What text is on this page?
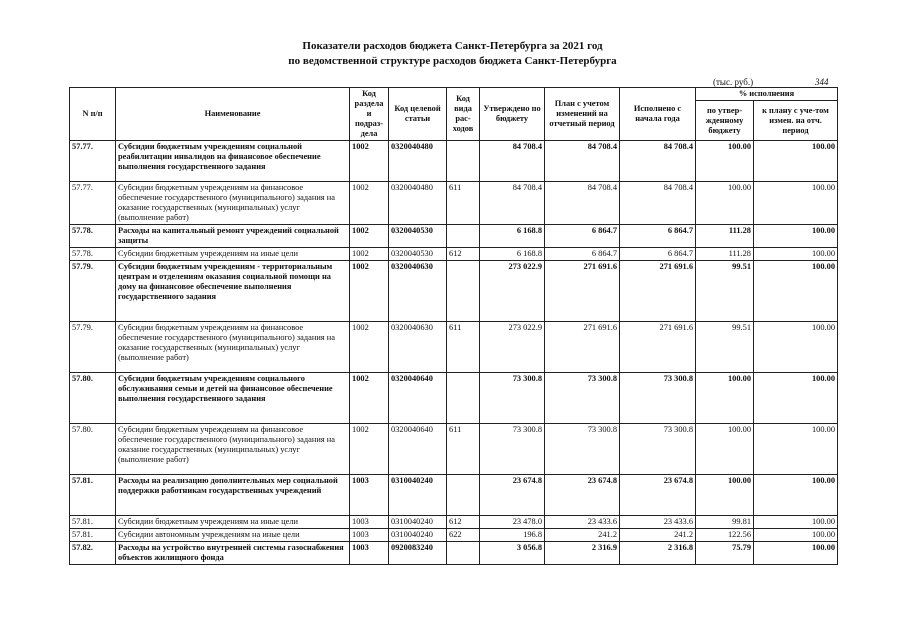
Показатели расходов бюджета Санкт-Петербурга за 2021 год
по ведомственной структуре расходов бюджета Санкт-Петербурга
(тыс. руб.)	344
N п/п	Наименование	Код раздела и подраз-дела	Код целевой статьи	Код вида рас-ходов	Утверждено по бюджету	План с учетом изменений на отчетный период	Исполнено с начала года	% исполнения	
								по утвер-жденному бюджету	к плану с уче-том измен. на отч. период
57.77.	Субсидии бюджетным учреждениям социальной реабилитации инвалидов на финансовое обеспечение выполнения государственного задания	1002	0320040480		84 708.4	84 708.4	84 708.4	100.00	100.00
57.77.	Субсидии бюджетным учреждениям на финансовое обеспечение государственного (муниципального) задания на оказание государственных (муниципальных) услуг (выполнение работ)	1002	0320040480	611	84 708.4	84 708.4	84 708.4	100.00	100.00
57.78.	Расходы на капитальный ремонт учреждений социальной защиты	1002	0320040530		6 168.8	6 864.7	6 864.7	111.28	100.00
57.78.	Субсидии бюджетным учреждениям на иные цели	1002	0320040530	612	6 168.8	6 864.7	6 864.7	111.28	100.00
57.79.	Субсидии бюджетным учреждениям - территориальным центрам и отделениям оказания социальной помощи на дому на финансовое обеспечение выполнения государственного задания	1002	0320040630		273 022.9	271 691.6	271 691.6	99.51	100.00
57.79.	Субсидии бюджетным учреждениям на финансовое обеспечение государственного (муниципального) задания на оказание государственных (муниципальных) услуг (выполнение работ)	1002	0320040630	611	273 022.9	271 691.6	271 691.6	99.51	100.00
57.80.	Субсидии бюджетным учреждениям социального обслуживания семьи и детей на финансовое обеспечение выполнения государственного задания	1002	0320040640		73 300.8	73 300.8	73 300.8	100.00	100.00
57.80.	Субсидии бюджетным учреждениям на финансовое обеспечение государственного (муниципального) задания на оказание государственных (муниципальных) услуг (выполнение работ)	1002	0320040640	611	73 300.8	73 300.8	73 300.8	100.00	100.00
57.81.	Расходы на реализацию дополнительных мер социальной поддержки работникам государственных учреждений	1003	0310040240		23 674.8	23 674.8	23 674.8	100.00	100.00
57.81.	Субсидии бюджетным учреждениям на иные цели	1003	0310040240	612	23 478.0	23 433.6	23 433.6	99.81	100.00
57.81.	Субсидии автономным учреждениям на иные цели	1003	0310040240	622	196.8	241.2	241.2	122.56	100.00
57.82.	Расходы на устройство внутренней системы газоснабжения объектов жилищного фонда	1003	0920083240		3 056.8	2 316.9	2 316.8	75.79	100.00
